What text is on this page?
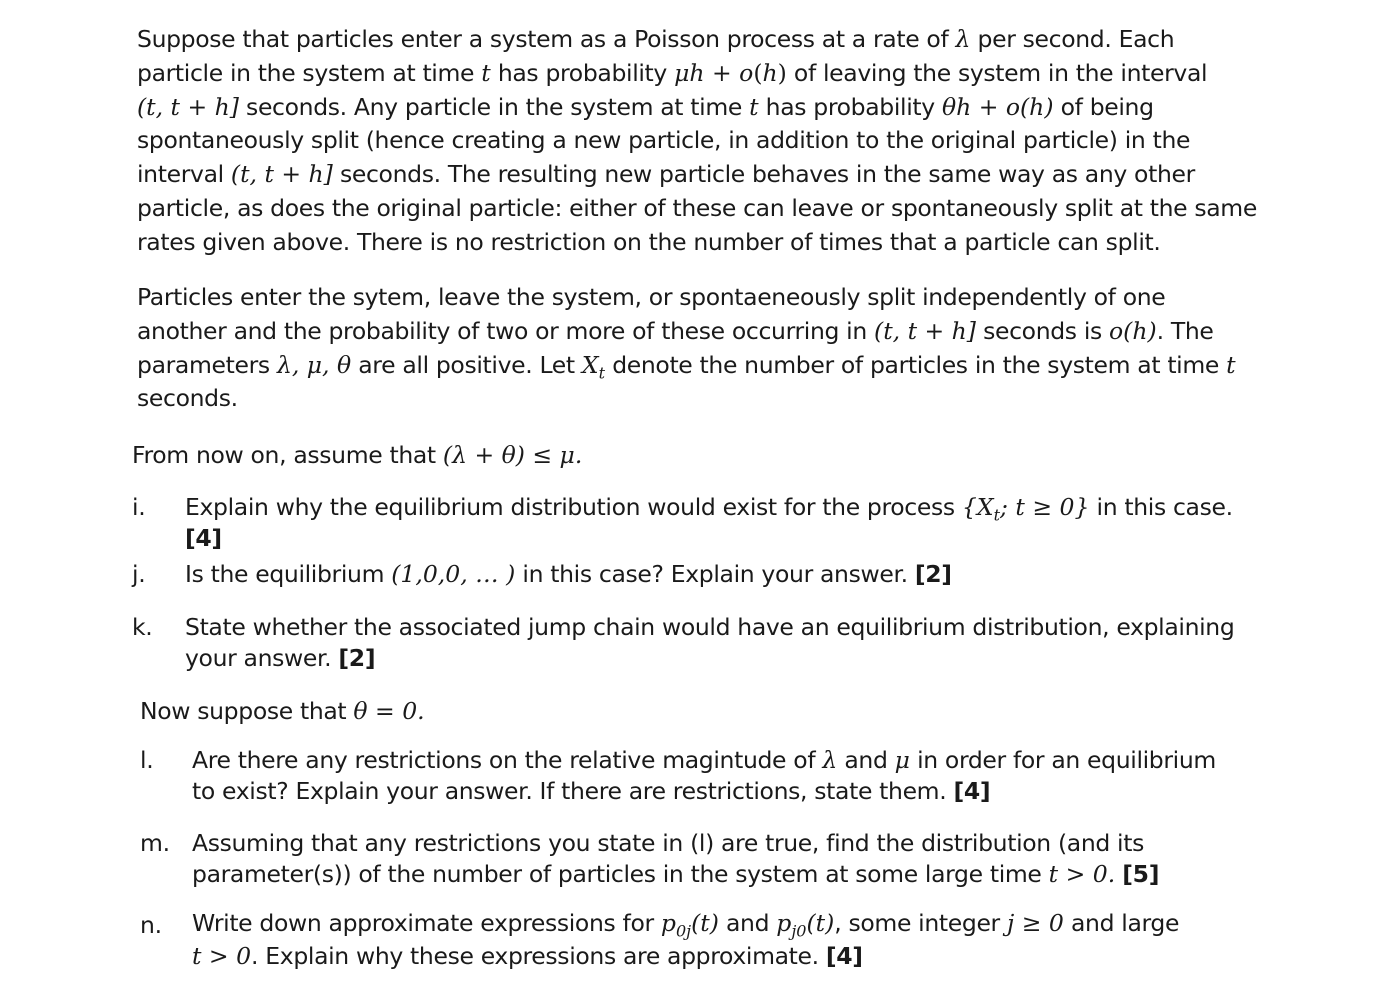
Suppose that particles enter a system as a Poisson process at a rate of λ per second. Each
particle in the system at time t has probability μh + o(h) of leaving the system in the interval
(t, t + h] seconds. Any particle in the system at time t has probability θh + o(h) of being
spontaneously split (hence creating a new particle, in addition to the original particle) in the
interval (t, t + h] seconds. The resulting new particle behaves in the same way as any other
particle, as does the original particle: either of these can leave or spontaneously split at the same
rates given above. There is no restriction on the number of times that a particle can split.
Particles enter the sytem, leave the system, or spontaeneously split independently of one
another and the probability of two or more of these occurring in (t, t + h] seconds is o(h). The
parameters λ, μ, θ are all positive. Let $X_t$ denote the number of particles in the system at time t
seconds.
From now on, assume that (λ + θ) ≤ μ.
i. Explain why the equilibrium distribution would exist for the process {$X_t$; t ≥ 0} in this case.
[4]
j. Is the equilibrium (1,0,0, … ) in this case? Explain your answer. [2]
k. State whether the associated jump chain would have an equilibrium distribution, explaining
your answer. [2]
Now suppose that θ = 0.
l. Are there any restrictions on the relative magintude of λ and μ in order for an equilibrium
to exist? Explain your answer. If there are restrictions, state them. [4]
m. Assuming that any restrictions you state in (l) are true, find the distribution (and its
parameter(s)) of the number of particles in the system at some large time t > 0. [5]
n. Write down approximate expressions for $p_{0j}(t)$ and $p_{j0}(t)$, some integer j ≥ 0 and large
t > 0. Explain why these expressions are approximate. [4]
